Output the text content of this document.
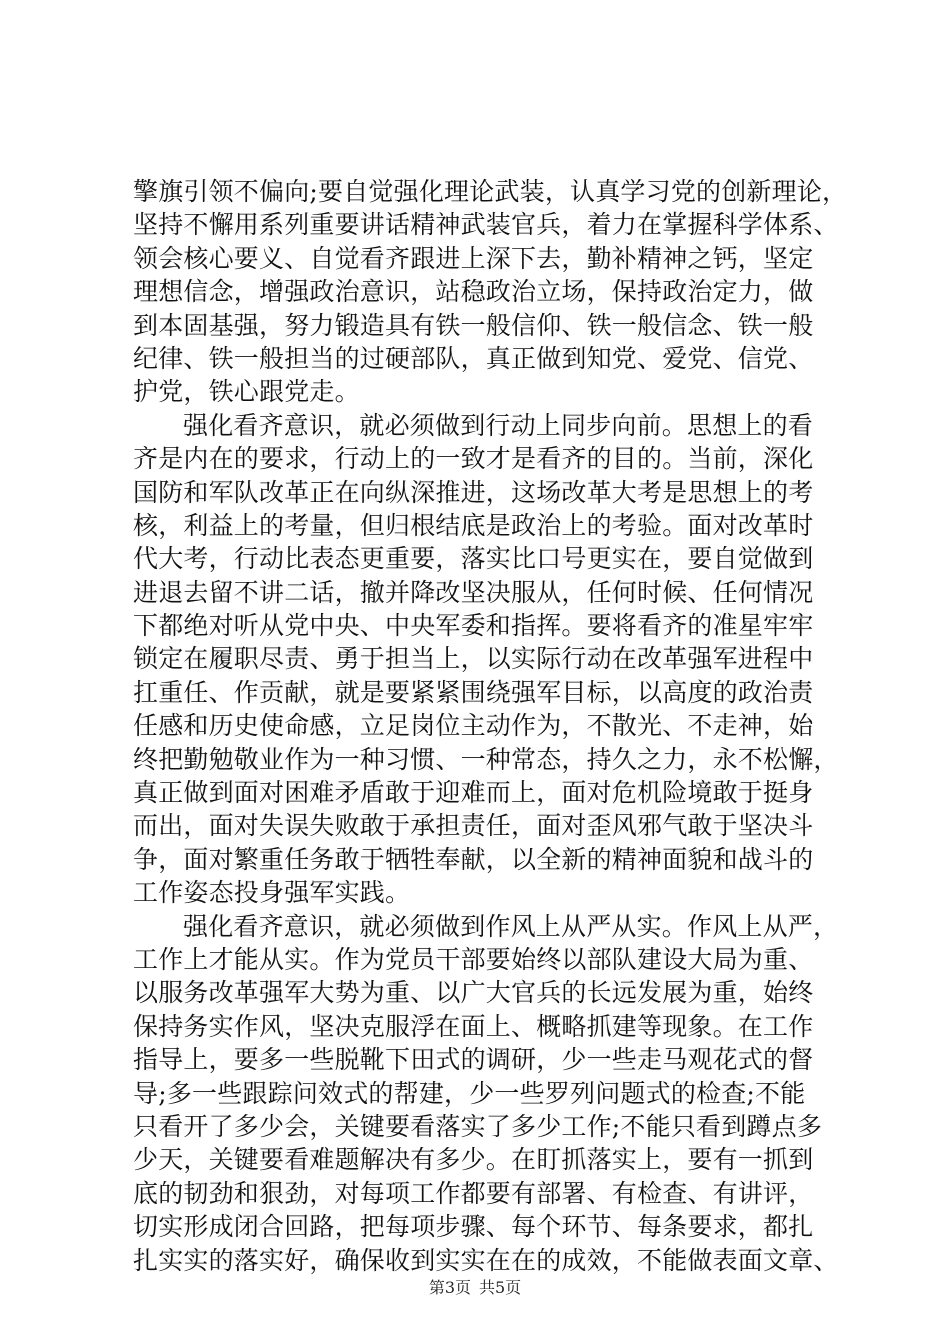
擎旗引领不偏向;要自觉强化理论武装，认真学习党的创新理论，
坚持不懈用系列重要讲话精神武装官兵，着力在掌握科学体系、
领会核心要义、自觉看齐跟进上深下去，勤补精神之钙，坚定
理想信念，增强政治意识，站稳政治立场，保持政治定力，做
到本固基强，努力锻造具有铁一般信仰、铁一般信念、铁一般
纪律、铁一般担当的过硬部队，真正做到知党、爱党、信党、
护党，铁心跟党走。
强化看齐意识，就必须做到行动上同步向前。思想上的看
齐是内在的要求，行动上的一致才是看齐的目的。当前，深化
国防和军队改革正在向纵深推进，这场改革大考是思想上的考
核，利益上的考量，但归根结底是政治上的考验。面对改革时
代大考，行动比表态更重要，落实比口号更实在，要自觉做到
进退去留不讲二话，撤并降改坚决服从，任何时候、任何情况
下都绝对听从党中央、中央军委和指挥。要将看齐的准星牢牢
锁定在履职尽责、勇于担当上，以实际行动在改革强军进程中
扛重任、作贡献，就是要紧紧围绕强军目标，以高度的政治责
任感和历史使命感，立足岗位主动作为，不散光、不走神，始
终把勤勉敬业作为一种习惯、一种常态，持久之力，永不松懈，
真正做到面对困难矛盾敢于迎难而上，面对危机险境敢于挺身
而出，面对失误失败敢于承担责任，面对歪风邪气敢于坚决斗
争，面对繁重任务敢于牺牲奉献，以全新的精神面貌和战斗的
工作姿态投身强军实践。
强化看齐意识，就必须做到作风上从严从实。作风上从严，
工作上才能从实。作为党员干部要始终以部队建设大局为重、
以服务改革强军大势为重、以广大官兵的长远发展为重，始终
保持务实作风，坚决克服浮在面上、概略抓建等现象。在工作
指导上，要多一些脱靴下田式的调研，少一些走马观花式的督
导;多一些跟踪问效式的帮建，少一些罗列问题式的检查;不能
只看开了多少会，关键要看落实了多少工作;不能只看到蹲点多
少天，关键要看难题解决有多少。在盯抓落实上，要有一抓到
底的韧劲和狠劲，对每项工作都要有部署、有检查、有讲评，
切实形成闭合回路，把每项步骤、每个环节、每条要求，都扎
扎实实的落实好，确保收到实实在在的成效，不能做表面文章、
第3页 共5页
